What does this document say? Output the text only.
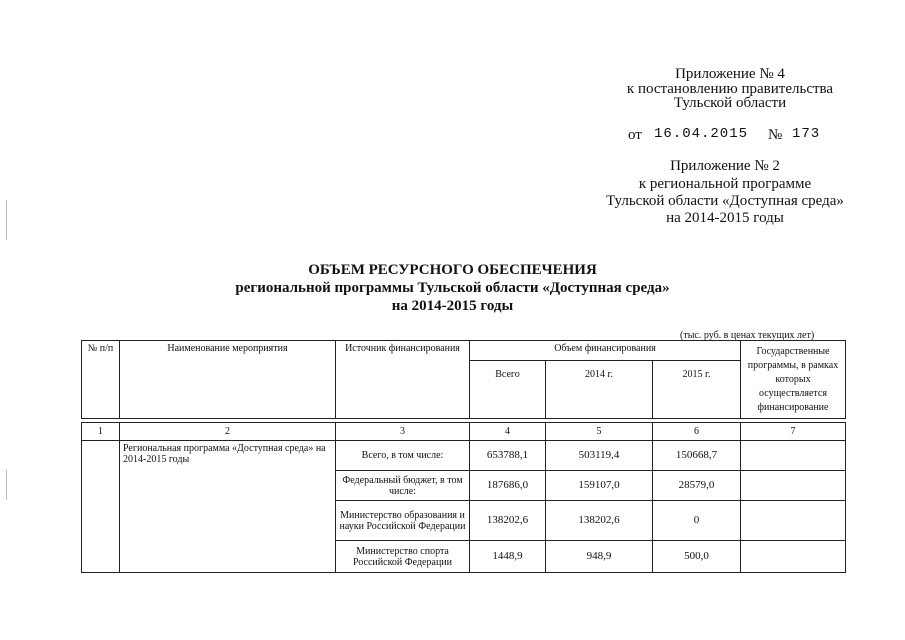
Приложение № 4
к постановлению правительства
Тульской области
от 16.04.2015 № 173
Приложение № 2
к региональной программе
Тульской области «Доступная среда»
на 2014-2015 годы
ОБЪЕМ РЕСУРСНОГО ОБЕСПЕЧЕНИЯ
региональной программы Тульской области «Доступная среда»
на 2014-2015 годы
(тыс. руб. в ценах текущих лет)
№ п/п	Наименование мероприятия	Источник финансирования	Объем финансирования			Государственные программы, в рамках которых осуществляется финансирование
			Всего	2014 г.	2015 г.	

1	2	3	4	5	6	7
	Региональная программа «Доступная среда» на 2014-2015 годы	Всего, в том числе:	653788,1	503119,4	150668,7	
		Федеральный бюджет, в том числе:	187686,0	159107,0	28579,0	
		Министерство образования и науки Российской Федерации	138202,6	138202,6	0	
		Министерство спорта Российской Федерации	1448,9	948,9	500,0	
